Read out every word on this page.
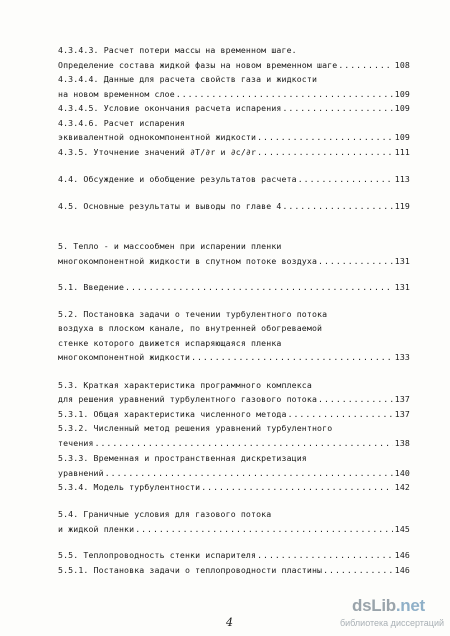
4.3.4.3. Расчет потери массы на временном шаге.
Определение состава жидкой фазы на новом временном шаге .....	108
4.3.4.4. Данные для расчета свойств газа и жидкости
на новом временном слое .....	109
4.3.4.5. Условие окончания расчета испарения .....	109
4.3.4.6. Расчет испарения
эквивалентной однокомпонентной жидкости .....	109
4.3.5. Уточнение значений ∂T/∂r и ∂c/∂r .....	111
4.4. Обсуждение и обобщение результатов расчета .....	113
4.5. Основные результаты и выводы по главе 4 .....	119
5. Тепло - и массообмен при испарении пленки
многокомпонентной жидкости в спутном потоке воздуха .....	131
5.1. Введение .....	131
5.2. Постановка задачи о течении турбулентного потока
воздуха в плоском канале, по внутренней обогреваемой
стенке которого движется испаряющаяся пленка
многокомпонентной жидкости .....	133
5.3. Краткая характеристика программного комплекса
для решения уравнений турбулентного газового потока .....	137
5.3.1. Общая характеристика численного метода .....	137
5.3.2. Численный метод решения уравнений турбулентного
течения .....	138
5.3.3. Временная и пространственная дискретизация
уравнений .....	140
5.3.4. Модель турбулентности .....	142
5.4. Граничные условия для газового потока
и жидкой пленки .....	145
5.5. Теплопроводность стенки испарителя .....	146
5.5.1. Постановка задачи о теплопроводности пластины .....	146
4
dsLib.net
библиотека диссертаций
